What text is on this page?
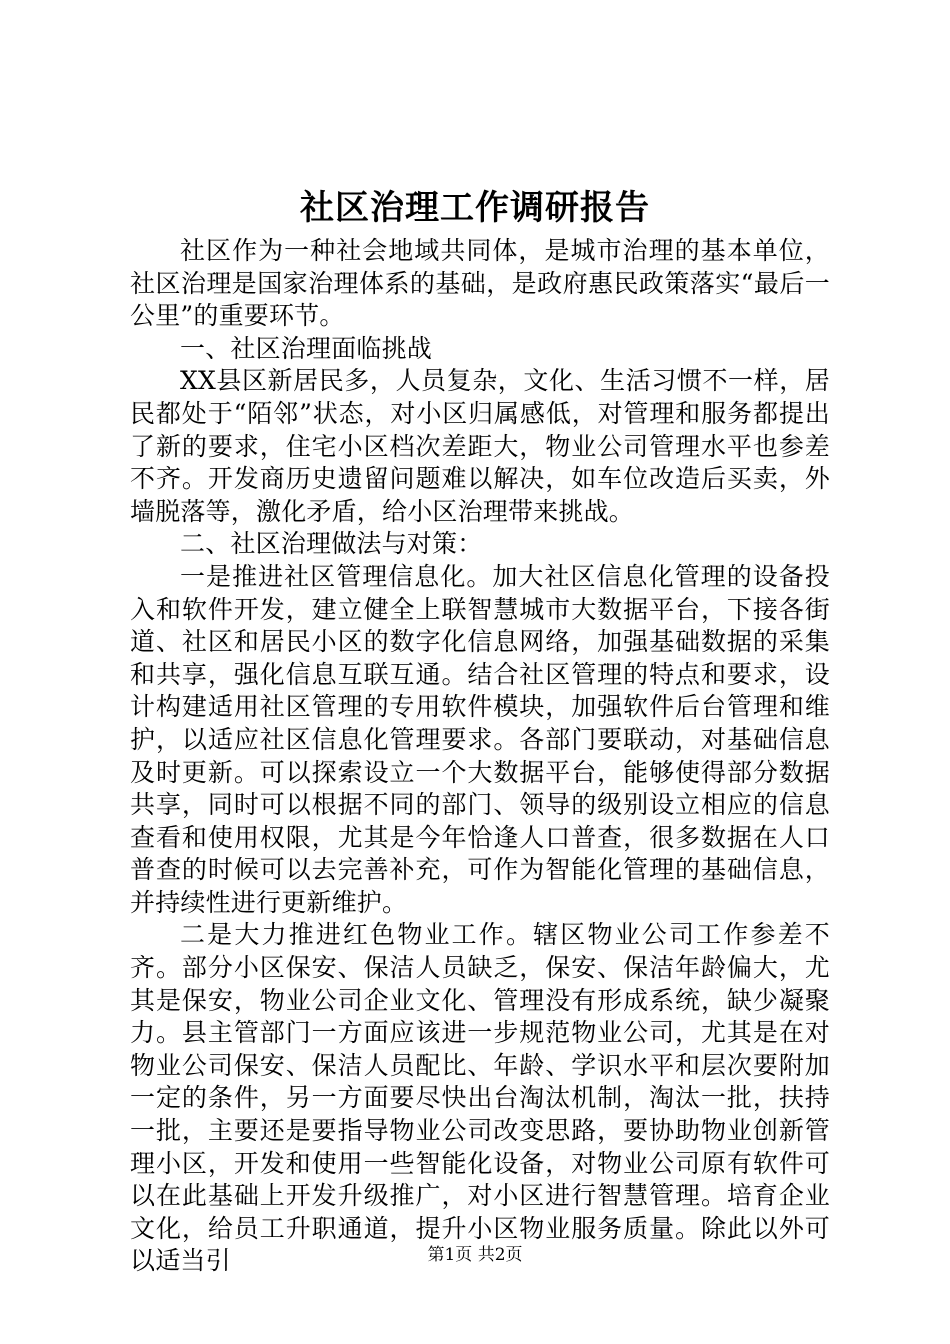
社区治理工作调研报告

社区作为一种社会地域共同体，是城市治理的基本单位，社区治理是国家治理体系的基础，是政府惠民政策落实“最后一公里”的重要环节。

一、社区治理面临挑战

XX县区新居民多，人员复杂，文化、生活习惯不一样，居民都处于“陌邻”状态，对小区归属感低，对管理和服务都提出了新的要求，住宅小区档次差距大，物业公司管理水平也参差不齐。开发商历史遗留问题难以解决，如车位改造后买卖，外墙脱落等，激化矛盾，给小区治理带来挑战。

二、社区治理做法与对策：

一是推进社区管理信息化。加大社区信息化管理的设备投入和软件开发，建立健全上联智慧城市大数据平台，下接各街道、社区和居民小区的数字化信息网络，加强基础数据的采集和共享，强化信息互联互通。结合社区管理的特点和要求，设计构建适用社区管理的专用软件模块，加强软件后台管理和维护，以适应社区信息化管理要求。各部门要联动，对基础信息及时更新。可以探索设立一个大数据平台，能够使得部分数据共享，同时可以根据不同的部门、领导的级别设立相应的信息查看和使用权限，尤其是今年恰逢人口普查，很多数据在人口普查的时候可以去完善补充，可作为智能化管理的基础信息，并持续性进行更新维护。

二是大力推进红色物业工作。辖区物业公司工作参差不齐。部分小区保安、保洁人员缺乏，保安、保洁年龄偏大，尤其是保安，物业公司企业文化、管理没有形成系统，缺少凝聚力。县主管部门一方面应该进一步规范物业公司，尤其是在对物业公司保安、保洁人员配比、年龄、学识水平和层次要附加一定的条件，另一方面要尽快出台淘汰机制，淘汰一批，扶持一批，主要还是要指导物业公司改变思路，要协助物业创新管理小区，开发和使用一些智能化设备，对物业公司原有软件可以在此基础上开发升级推广，对小区进行智慧管理。培育企业文化，给员工升职通道，提升小区物业服务质量。除此以外可以适当引	第1页 共2页
